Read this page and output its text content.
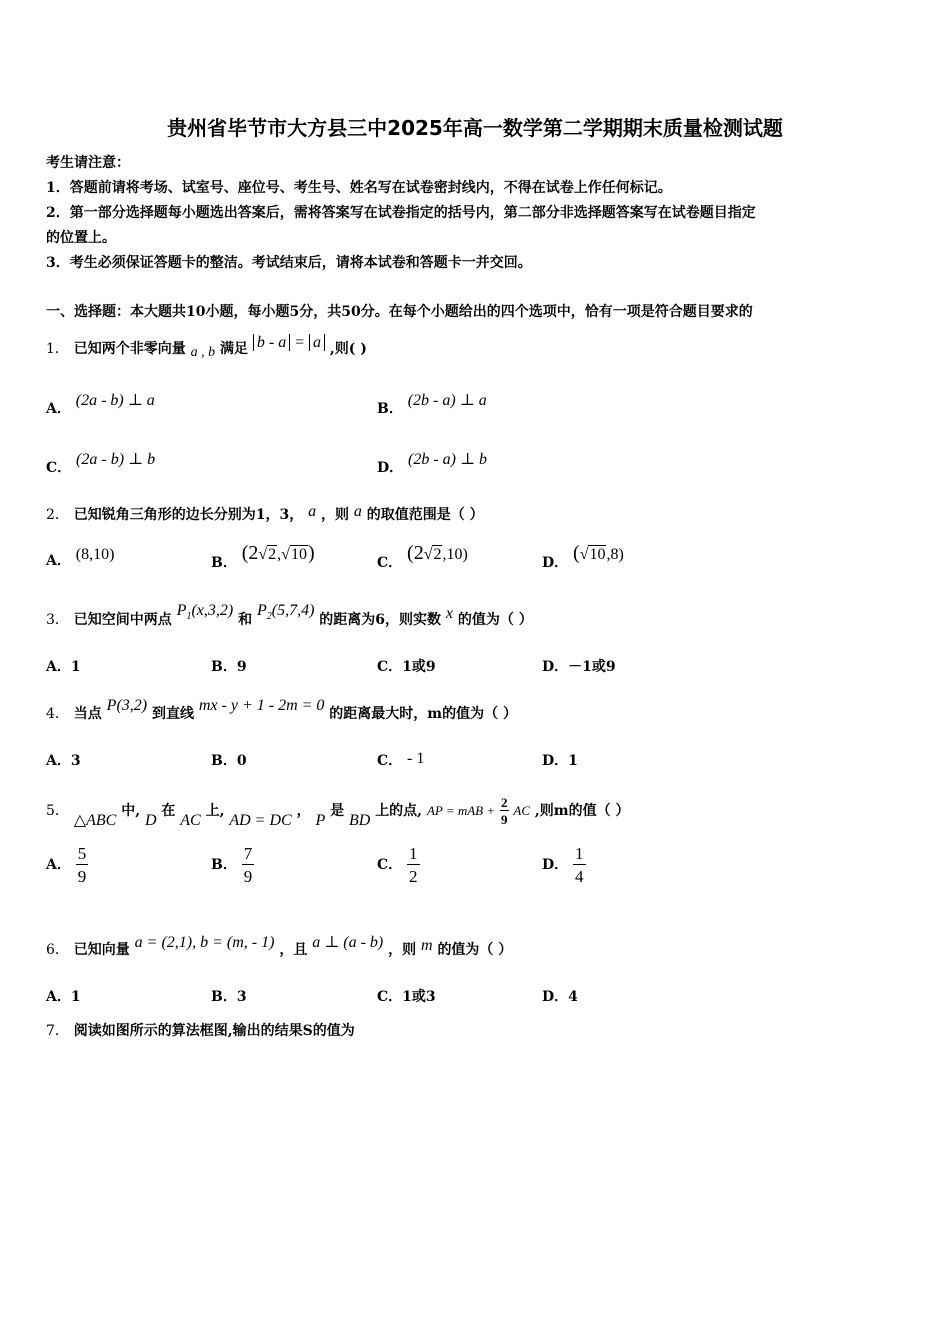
贵州省毕节市大方县三中2025年高一数学第二学期期末质量检测试题
考生请注意：
1．答题前请将考场、试室号、座位号、考生号、姓名写在试卷密封线内，不得在试卷上作任何标记。
2．第一部分选择题每小题选出答案后，需将答案写在试卷指定的括号内，第二部分非选择题答案写在试卷题目指定
的位置上。
3．考生必须保证答题卡的整洁。考试结束后，请将本试卷和答题卡一并交回。
一、选择题：本大题共10小题，每小题5分，共50分。在每个小题给出的四个选项中，恰有一项是符合题目要求的
1． 已知两个非零向量 a , b 满足 b - a = a ,则( )
A． (2a - b) ⊥ a	B． (2b - a) ⊥ a
C． (2a - b) ⊥ b	D． (2b - a) ⊥ b
2． 已知锐角三角形的边长分别为1，3， a ，则 a 的取值范围是（ ）
A． (8,10)	B． (2√2,√10)	C． (2√2,10)	D． (√10,8)
3． 已知空间中两点 $P_1(x,3,2)$ 和 $P_2(5,7,4)$ 的距离为6，则实数 x 的值为（ ）
A．1	B．9	C．1或9	D．－1或9
4． 当点 P(3,2) 到直线 mx - y + 1 - 2m = 0 的距离最大时，m的值为（ ）
A．3	B．0	C． - 1	D．1
5． △ABC 中, D 在 AC 上, AD = DC ， P 是 BD 上的点, AP = mAB + $\frac{2}{9}$ AC ,则m的值（ ）
A． $\frac{5}{9}$	B． $\frac{7}{9}$	C． $\frac{1}{2}$	D． $\frac{1}{4}$
6． 已知向量 a = (2,1), b = (m, - 1) ，且 a ⊥ (a - b) ，则 m 的值为（ ）
A．1	B．3	C．1或3	D．4
7． 阅读如图所示的算法框图,输出的结果S的值为
